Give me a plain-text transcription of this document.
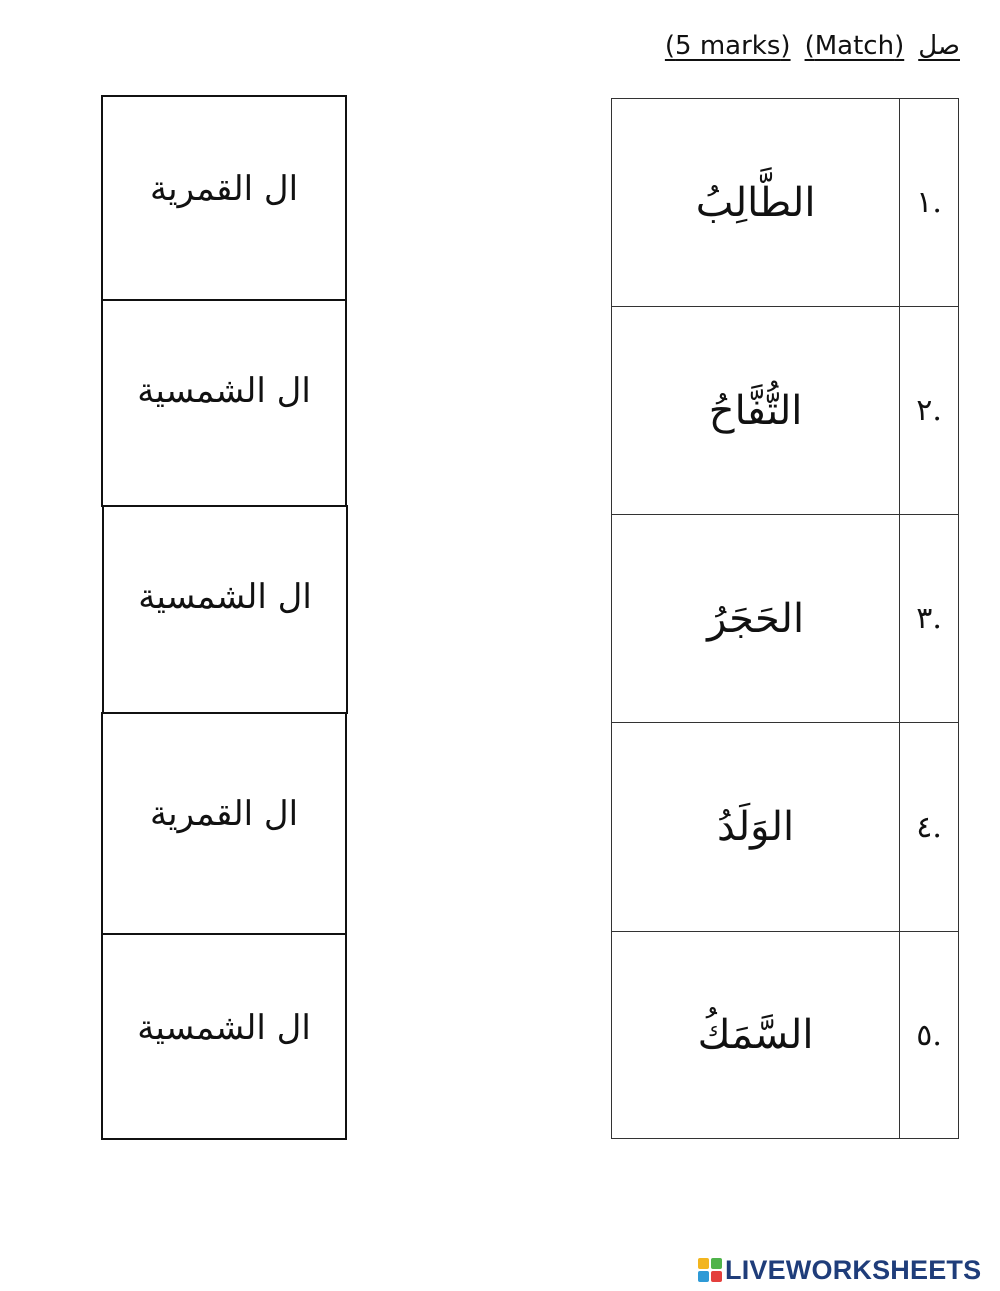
صل(Match)(5 marks)
ال القمرية
ال الشمسية
ال الشمسية
ال القمرية
ال الشمسية
الطَّالِبُ	.١
التُّفَّاحُ	.٢
الحَجَرُ	.٣
الوَلَدُ	.٤
السَّمَكُ	.٥
LIVEWORKSHEETS
